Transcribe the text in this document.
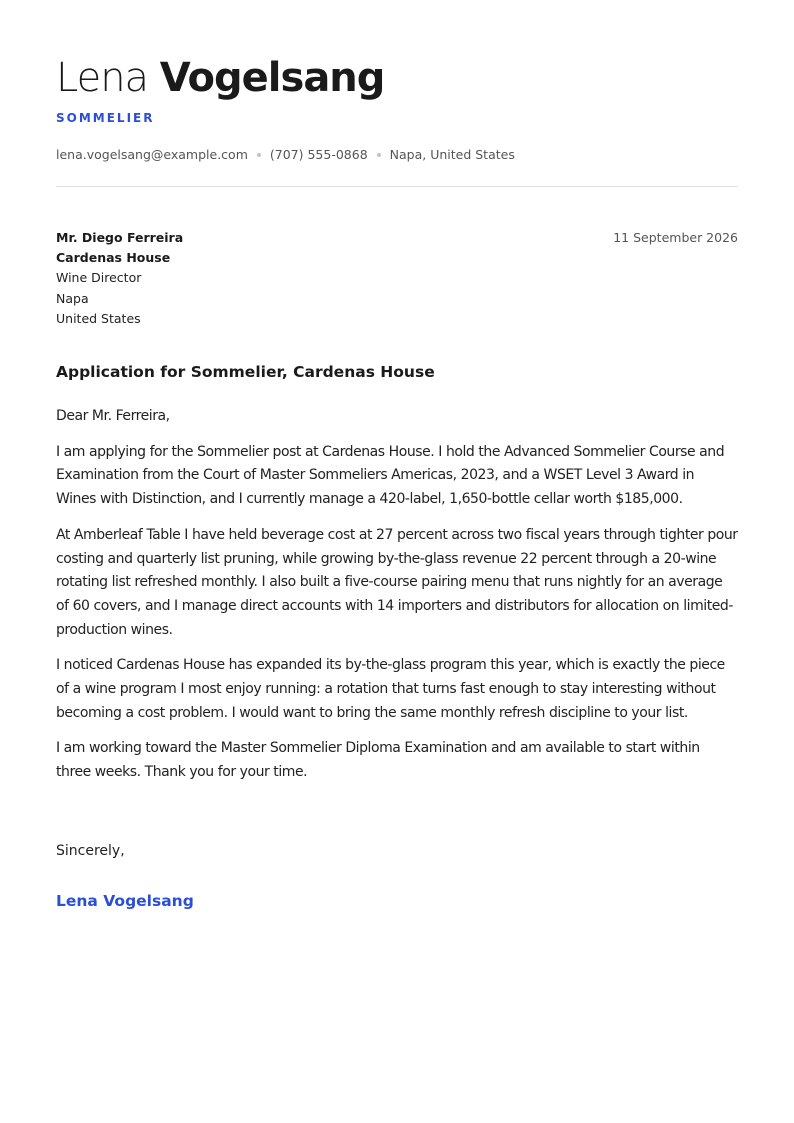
Lena Vogelsang
SOMMELIER
lena.vogelsang@example.com (707) 555-0868 Napa, United States
Mr. Diego Ferreira
Cardenas House
Wine Director
Napa
United States
11 September 2026
Application for Sommelier, Cardenas House

Dear Mr. Ferreira,

I am applying for the Sommelier post at Cardenas House. I hold the Advanced Sommelier Course and Examination from the Court of Master Sommeliers Americas, 2023, and a WSET Level 3 Award in Wines with Distinction, and I currently manage a 420-label, 1,650-bottle cellar worth $185,000.

At Amberleaf Table I have held beverage cost at 27 percent across two fiscal years through tighter pour costing and quarterly list pruning, while growing by-the-glass revenue 22 percent through a 20-wine rotating list refreshed monthly. I also built a five-course pairing menu that runs nightly for an average of 60 covers, and I manage direct accounts with 14 importers and distributors for allocation on limited-production wines.

I noticed Cardenas House has expanded its by-the-glass program this year, which is exactly the piece of a wine program I most enjoy running: a rotation that turns fast enough to stay interesting without becoming a cost problem. I would want to bring the same monthly refresh discipline to your list.

I am working toward the Master Sommelier Diploma Examination and am available to start within three weeks. Thank you for your time.

Sincerely,
Lena Vogelsang
